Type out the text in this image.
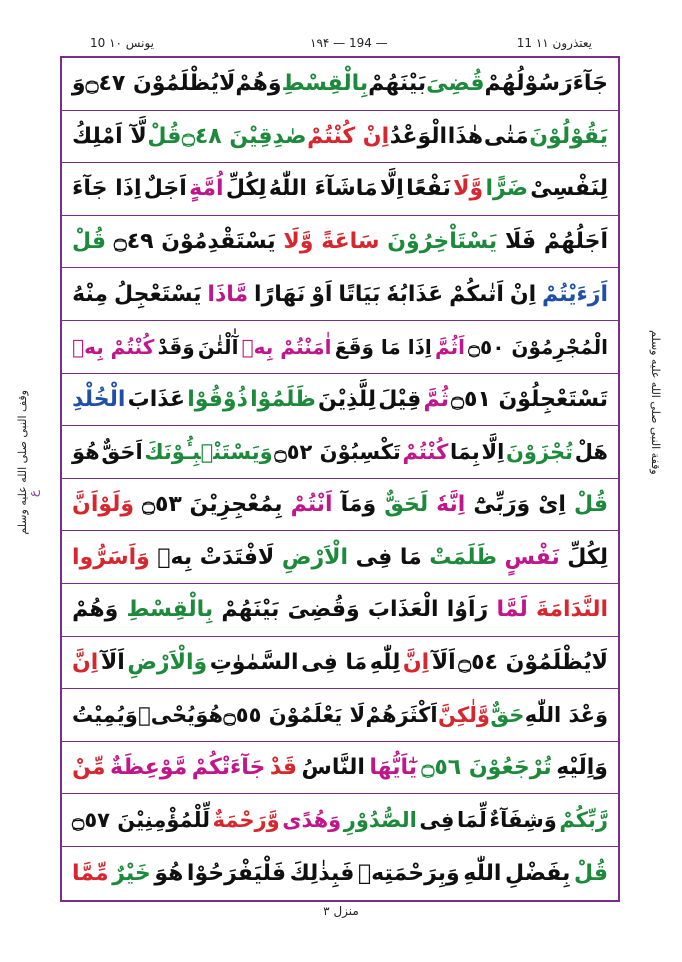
10 يونس ۱۰	۱۹۴ — 194 —	11 يعتذرون ۱۱
جَآءَ
رَسُوْلُهُمْ
قُضِىَ
بَيْنَهُمْ
بِالْقِسْطِ
وَهُمْ
لَايُظْلَمُوْنَ ۝٤٧
وَ
يَقُوْلُوْنَ
مَتٰى
هٰذَا
الْوَعْدُ
اِنْ كُنْتُمْ
صٰدِقِيْنَ ۝٤٨
قُلْ
لَّآ اَمْلِكُ
لِنَفْسِىْ
ضَرًّا
وَّلَا
نَفْعًا
اِلَّا
مَاشَآءَ اللّٰهُ
لِكُلِّ
اُمَّةٍ
اَجَلٌ
اِذَا جَآءَ
اَجَلُهُمْ
فَلَا
يَسْتَاْخِرُوْنَ
سَاعَةً
وَّلَا
يَسْتَقْدِمُوْنَ ۝٤٩
قُلْ
اَرَءَيْتُمْ
اِنْ
اَتٰىكُمْ
عَذَابُهٗ
بَيَاتًا
اَوْ
نَهَارًا
مَّاذَا
يَسْتَعْجِلُ
مِنْهُ
الْمُجْرِمُوْنَ ۝٥٠
اَثُمَّ
اِذَا مَا وَقَعَ
اٰمَنْتُمْ بِهٖ
آٰلْئٰنَ
وَقَدْ
كُنْتُمْ بِهٖ
تَسْتَعْجِلُوْنَ ۝٥١
ثُمَّ
قِيْلَ
لِلَّذِيْنَ
ظَلَمُوْا
ذُوْقُوْا
عَذَابَ
الْخُلْدِ
هَلْ
تُجْزَوْنَ
اِلَّا
بِمَا
كُنْتُمْ
تَكْسِبُوْنَ ۝٥٢
وَيَسْتَنْۢبِـُٔوْنَكَ
اَحَقٌّ
هُوَ
قُلْ
اِىْ
وَرَبِّىْٓ
اِنَّهٗ
لَحَقٌّ
وَمَآ
اَنْتُمْ
بِمُعْجِزِيْنَ ۝٥٣
وَلَوْاَنَّ
لِكُلِّ
نَفْسٍ
ظَلَمَتْ
مَا
فِى
الْاَرْضِ
لَافْتَدَتْ
بِهٖ
وَاَسَرُّوا
النَّدَامَةَ
لَمَّا
رَاَوُا
الْعَذَابَ
وَقُضِىَ
بَيْنَهُمْ
بِالْقِسْطِ
وَهُمْ
لَايُظْلَمُوْنَ ۝٥٤
اَلَآ
اِنَّ
لِلّٰهِ
مَا فِى
السَّمٰوٰتِ
وَالْاَرْضِ
اَلَآ
اِنَّ
وَعْدَ اللّٰهِ
حَقٌّ
وَّلٰكِنَّ
اَكْثَرَهُمْ
لَا يَعْلَمُوْنَ ۝٥٥
هُوَ
يُحْىٖ
وَيُمِيْتُ
وَاِلَيْهِ
تُرْجَعُوْنَ ۝٥٦
يٰٓاَيُّهَا
النَّاسُ
قَدْ
جَآءَتْكُمْ
مَّوْعِظَةٌ
مِّنْ
رَّبِّكُمْ
وَشِفَآءٌ
لِّمَا
فِى
الصُّدُوْرِ
وَهُدًى
وَّرَحْمَةٌ
لِّلْمُؤْمِنِيْنَ ۝٥٧
قُلْ
بِفَضْلِ
اللّٰهِ
وَبِرَحْمَتِهٖ
فَبِذٰلِكَ
فَلْيَفْرَحُوْا
هُوَ
خَيْرٌ
مِّمَّا
وقفة النبى صلى الله عليه وسلم
وقف النبى صلى الله عليه وسلم
ع
منزل ٣
